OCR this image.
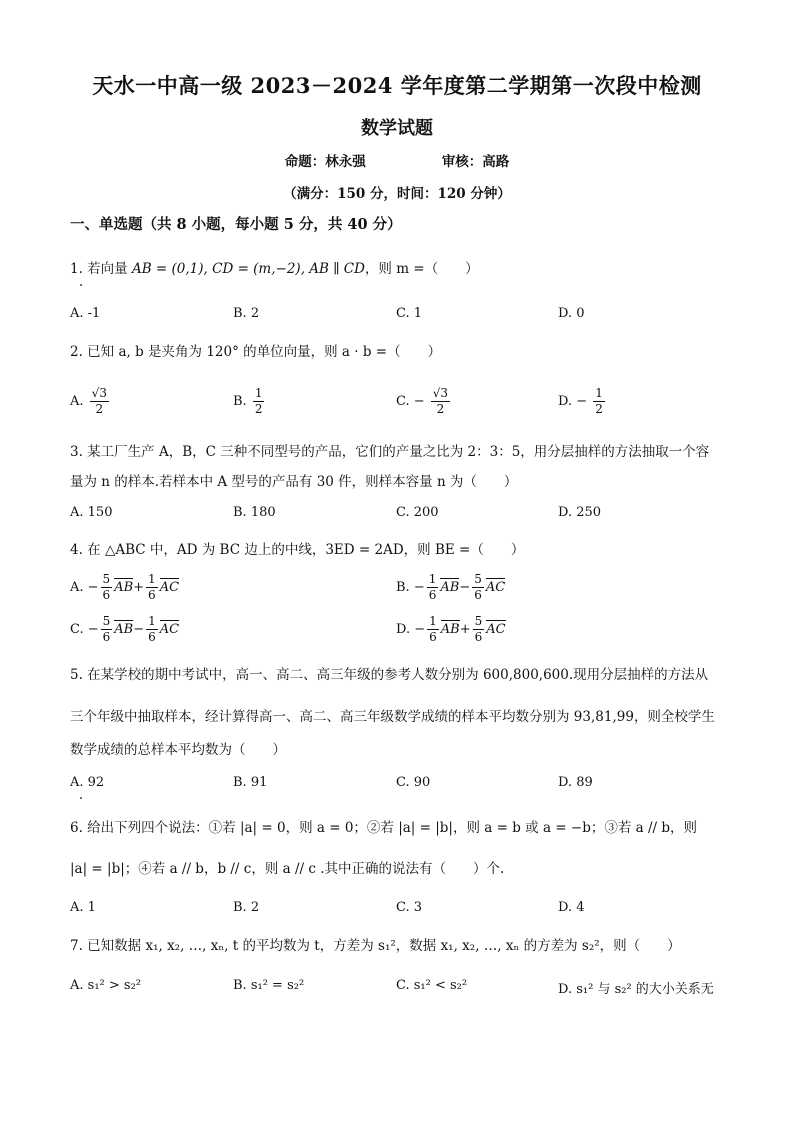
天水一中高一级 2023－2024 学年度第二学期第一次段中检测
数学试题
命题：林永强	审核：高路
（满分：150 分，时间：120 分钟）
一、单选题（共 8 小题，每小题 5 分，共 40 分）
1. 若向量 AB = (0,1), CD = (m,−2), AB ∥ CD，则 m =（　　）
A. -1	B. 2	C. 1	D. 0
2. 已知 a, b 是夹角为 120° 的单位向量，则 a · b =（　　）
A. $\frac{√3}{2}$	B. $\frac{1}{2}$	C. − $\frac{√3}{2}$	D. − $\frac{1}{2}$
3. 某工厂生产 A，B，C 三种不同型号的产品，它们的产量之比为 2：3：5，用分层抽样的方法抽取一个容
量为 n 的样本.若样本中 A 型号的产品有 30 件，则样本容量 n 为（　　）
A. 150	B. 180	C. 200	D. 250
4. 在 △ABC 中，AD 为 BC 边上的中线，3ED = 2AD，则 BE =（　　）
A. − $\frac{5}{6} AB+ \frac{1}{6}$ AC	B. − $\frac{1}{6} AB- \frac{5}{6}$ AC
C. − $\frac{5}{6} AB- \frac{1}{6}$ AC	D. − $\frac{1}{6} AB+ \frac{5}{6}$ AC
5. 在某学校的期中考试中，高一、高二、高三年级的参考人数分别为 600,800,600.现用分层抽样的方法从
三个年级中抽取样本，经计算得高一、高二、高三年级数学成绩的样本平均数分别为 93,81,99，则全校学生
数学成绩的总样本平均数为（　　）
A. 92	B. 91	C. 90	D. 89
6. 给出下列四个说法：①若 |a| = 0，则 a = 0；②若 |a| = |b|，则 a = b 或 a = −b；③若 a // b，则
|a| = |b|；④若 a // b，b // c，则 a // c .其中正确的说法有（　　）个.
A. 1	B. 2	C. 3	D. 4
7. 已知数据 x₁, x₂, …, xₙ, t 的平均数为 t，方差为 s₁²，数据 x₁, x₂, …, xₙ 的方差为 s₂²，则（　　）
A. s₁² > s₂²	B. s₁² = s₂²	C. s₁² < s₂²	D. s₁² 与 s₂² 的大小关系无
